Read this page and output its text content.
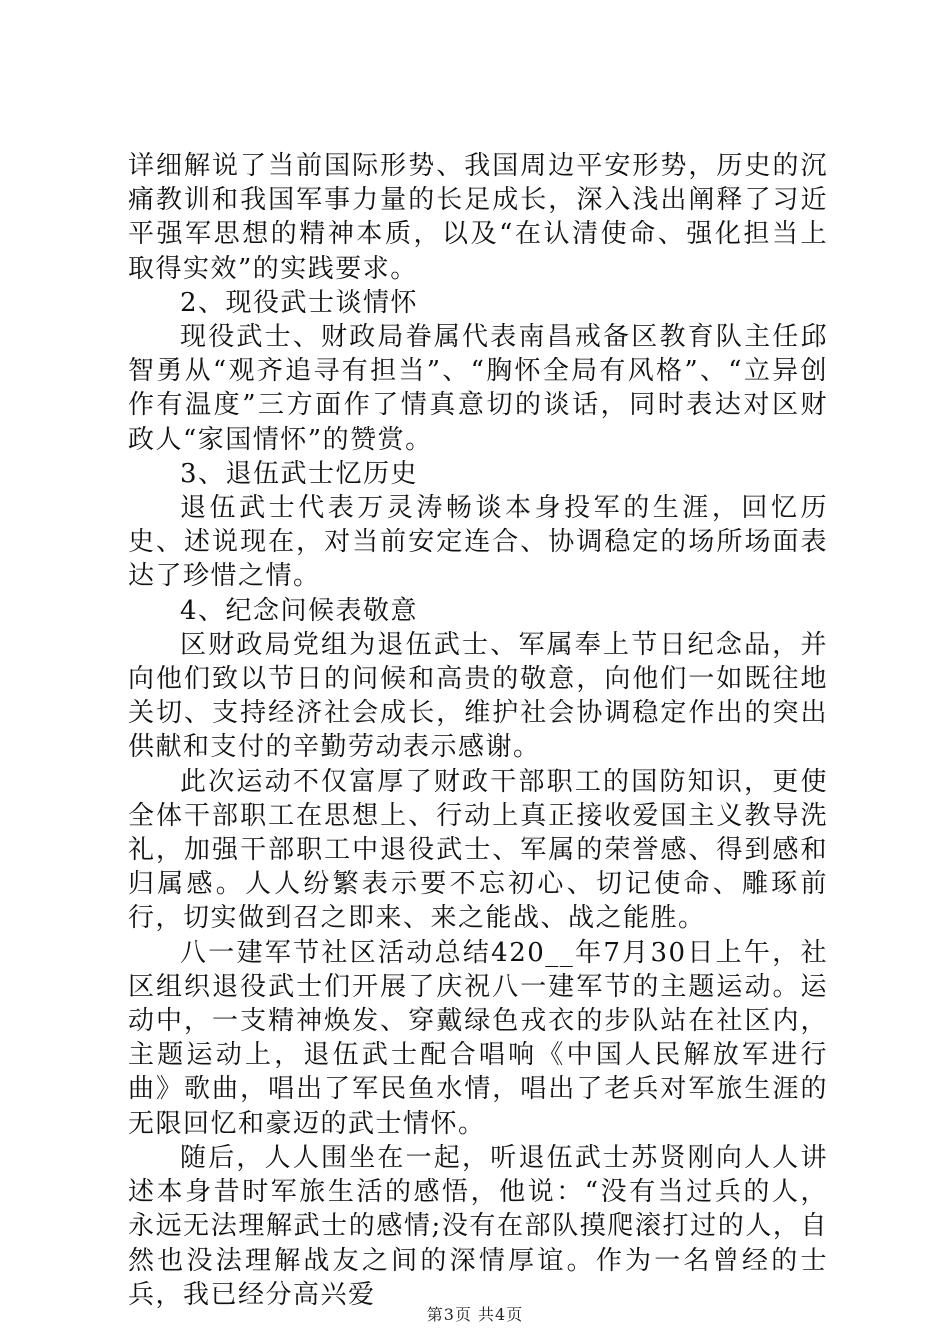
详细解说了当前国际形势、我国周边平安形势，历史的沉痛教训和我国军事力量的长足成长，深入浅出阐释了习近平强军思想的精神本质，以及“在认清使命、强化担当上取得实效”的实践要求。

2、现役武士谈情怀

现役武士、财政局眷属代表南昌戒备区教育队主任邱智勇从“观齐追寻有担当”、“胸怀全局有风格”、“立异创作有温度”三方面作了情真意切的谈话，同时表达对区财政人“家国情怀”的赞赏。

3、退伍武士忆历史

退伍武士代表万灵涛畅谈本身投军的生涯，回忆历史、述说现在，对当前安定连合、协调稳定的场所场面表达了珍惜之情。

4、纪念问候表敬意

区财政局党组为退伍武士、军属奉上节日纪念品，并向他们致以节日的问候和高贵的敬意，向他们一如既往地关切、支持经济社会成长，维护社会协调稳定作出的突出供献和支付的辛勤劳动表示感谢。

此次运动不仅富厚了财政干部职工的国防知识，更使全体干部职工在思想上、行动上真正接收爱国主义教导洗礼，加强干部职工中退役武士、军属的荣誉感、得到感和归属感。人人纷繁表示要不忘初心、切记使命、雕琢前行，切实做到召之即来、来之能战、战之能胜。

八一建军节社区活动总结420__年7月30日上午，社区组织退役武士们开展了庆祝八一建军节的主题运动。运动中，一支精神焕发、穿戴绿色戎衣的步队站在社区内，主题运动上，退伍武士配合唱响《中国人民解放军进行曲》歌曲，唱出了军民鱼水情，唱出了老兵对军旅生涯的无限回忆和豪迈的武士情怀。

随后，人人围坐在一起，听退伍武士苏贤刚向人人讲述本身昔时军旅生活的感悟，他说：“没有当过兵的人，永远无法理解武士的感情;没有在部队摸爬滚打过的人，自然也没法理解战友之间的深情厚谊。作为一名曾经的士兵，我已经分高兴爱

第3页 共4页
